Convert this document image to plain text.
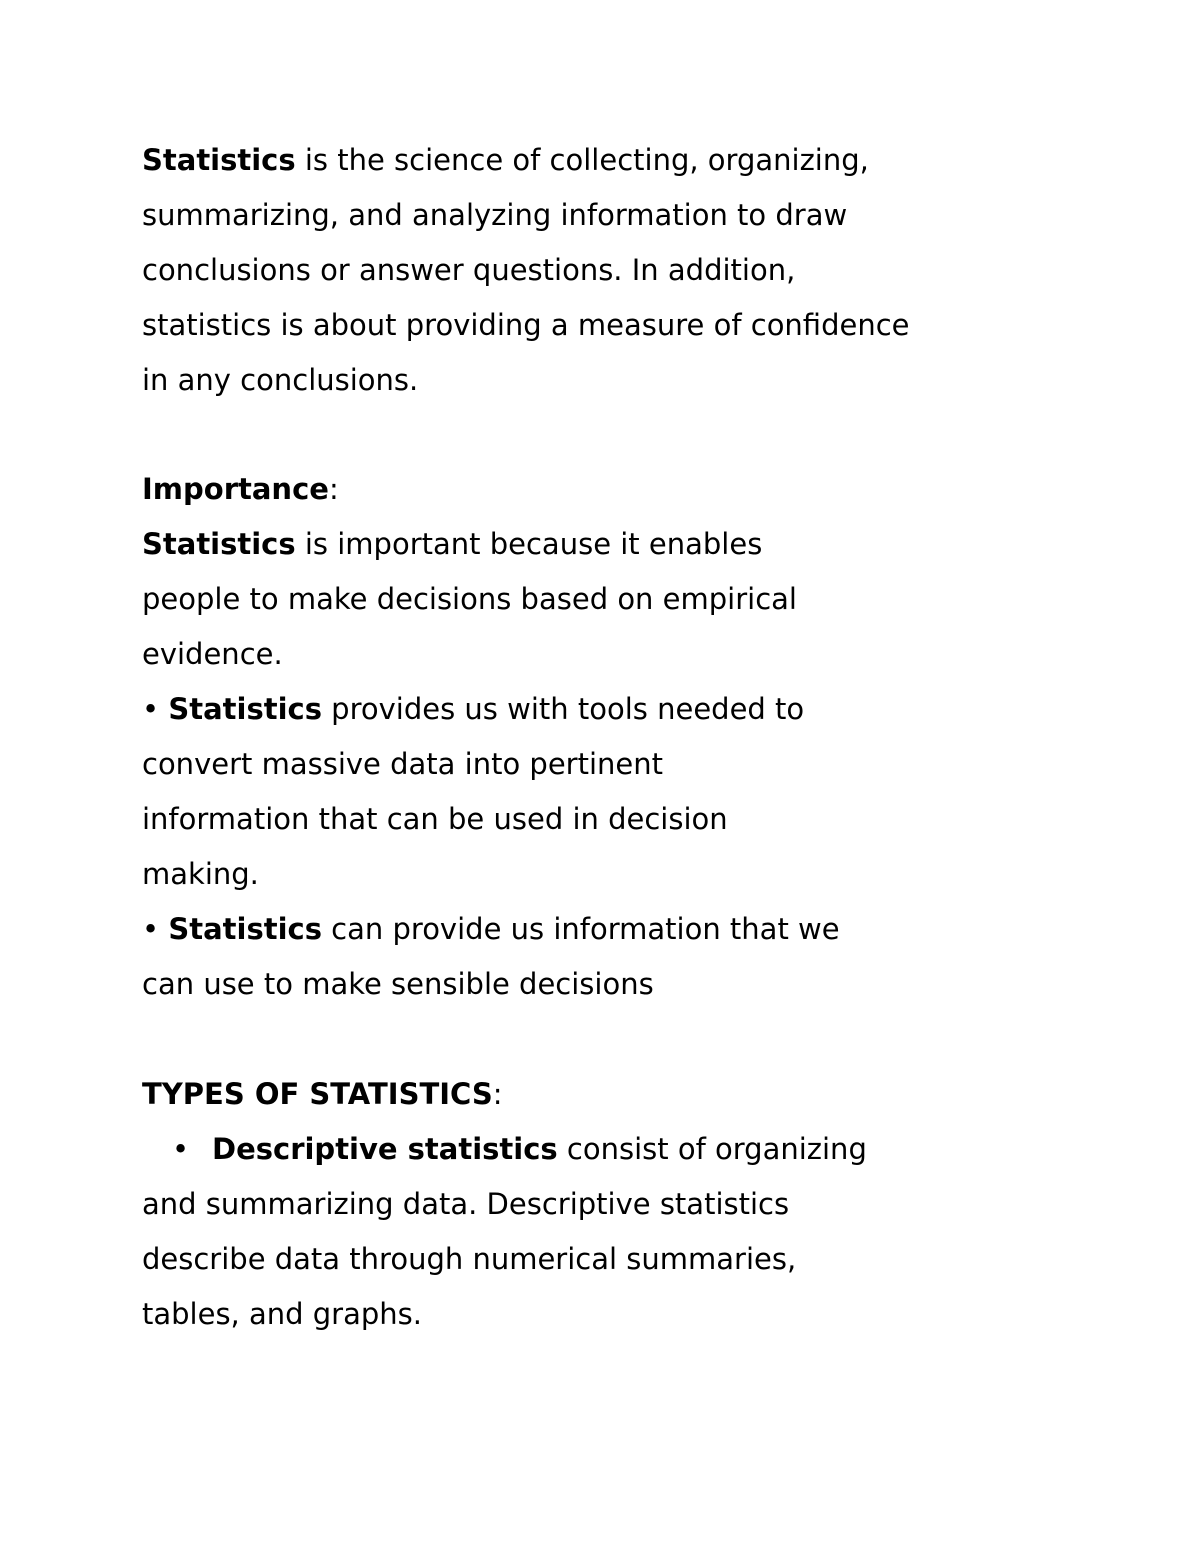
Statistics is the science of collecting, organizing,
summarizing, and analyzing information to draw
conclusions or answer questions. In addition,
statistics is about providing a measure of confidence
in any conclusions.
Importance:
Statistics is important because it enables
people to make decisions based on empirical
evidence.
• Statistics provides us with tools needed to
convert massive data into pertinent
information that can be used in decision
making.
• Statistics can provide us information that we
can use to make sensible decisions
TYPES OF STATISTICS:
• Descriptive statistics consist of organizing
and summarizing data. Descriptive statistics
describe data through numerical summaries,
tables, and graphs.
